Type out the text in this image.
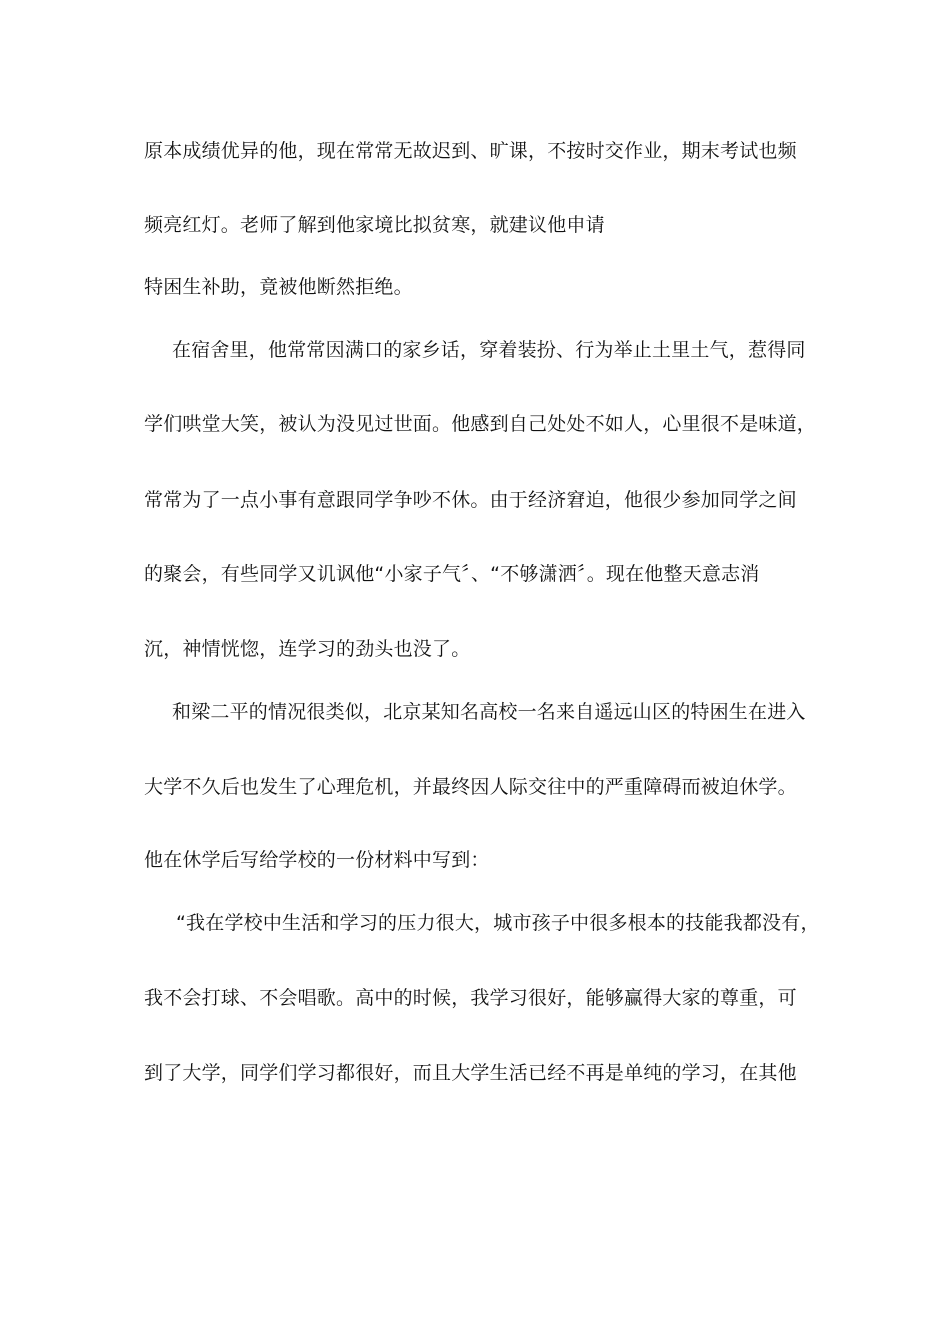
原本成绩优异的他，现在常常无故迟到、旷课，不按时交作业，期末考试也频
频亮红灯。老师了解到他家境比拟贫寒，就建议他申请
特困生补助，竟被他断然拒绝。
在宿舍里，他常常因满口的家乡话，穿着装扮、行为举止土里土气，惹得同
学们哄堂大笑，被认为没见过世面。他感到自己处处不如人，心里很不是味道，
常常为了一点小事有意跟同学争吵不休。由于经济窘迫，他很少参加同学之间
的聚会，有些同学又讥讽他“小家子气〞、“不够潇洒〞。现在他整天意志消
沉，神情恍惚，连学习的劲头也没了。
和梁二平的情况很类似，北京某知名高校一名来自遥远山区的特困生在进入
大学不久后也发生了心理危机，并最终因人际交往中的严重障碍而被迫休学。
他在休学后写给学校的一份材料中写到：
“我在学校中生活和学习的压力很大，城市孩子中很多根本的技能我都没有，
我不会打球、不会唱歌。高中的时候，我学习很好，能够赢得大家的尊重，可
到了大学，同学们学习都很好，而且大学生活已经不再是单纯的学习，在其他
